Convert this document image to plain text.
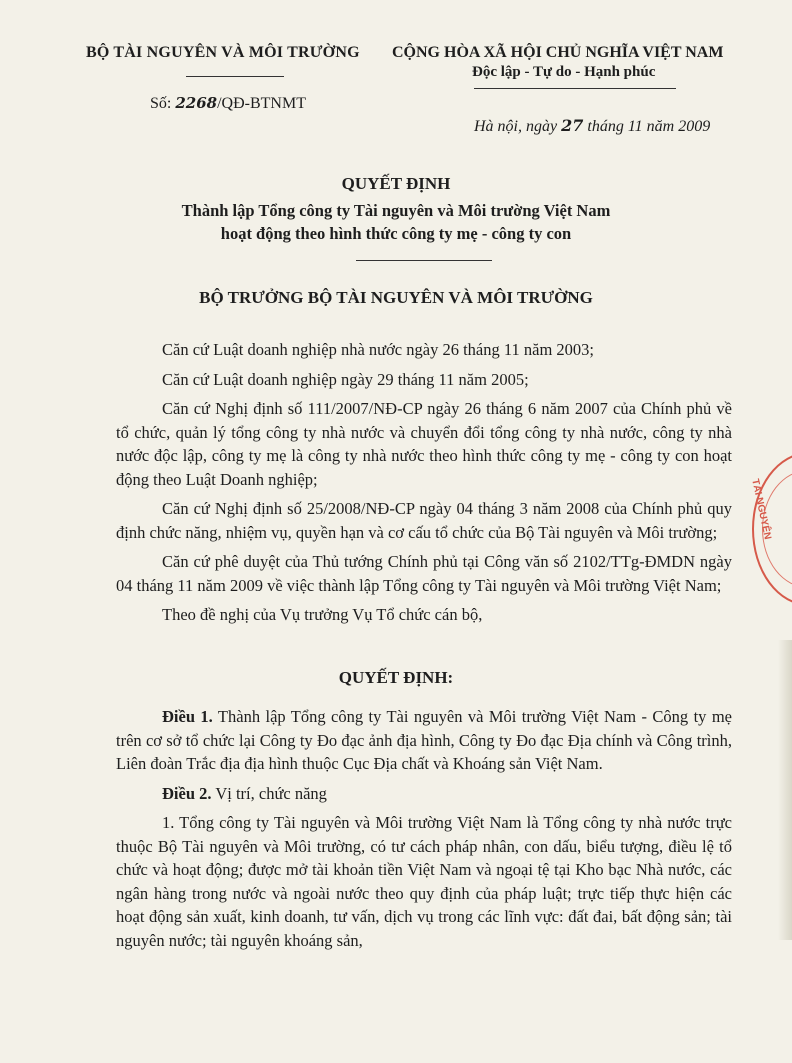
BỘ TÀI NGUYÊN VÀ MÔI TRƯỜNG	CỘNG HÒA XÃ HỘI CHỦ NGHĨA VIỆT NAM
Độc lập - Tự do - Hạnh phúc
Số: 2268/QĐ-BTNMT
Hà nội, ngày 27 tháng 11 năm 2009
QUYẾT ĐỊNH
Thành lập Tổng công ty Tài nguyên và Môi trường Việt Nam
hoạt động theo hình thức công ty mẹ - công ty con
BỘ TRƯỞNG BỘ TÀI NGUYÊN VÀ MÔI TRƯỜNG

Căn cứ Luật doanh nghiệp nhà nước ngày 26 tháng 11 năm 2003;

Căn cứ Luật doanh nghiệp ngày 29 tháng 11 năm 2005;

Căn cứ Nghị định số 111/2007/NĐ-CP ngày 26 tháng 6 năm 2007 của Chính phủ về tổ chức, quản lý tổng công ty nhà nước và chuyển đổi tổng công ty nhà nước, công ty nhà nước độc lập, công ty mẹ là công ty nhà nước theo hình thức công ty mẹ - công ty con hoạt động theo Luật Doanh nghiệp;

Căn cứ Nghị định số 25/2008/NĐ-CP ngày 04 tháng 3 năm 2008 của Chính phủ quy định chức năng, nhiệm vụ, quyền hạn và cơ cấu tổ chức của Bộ Tài nguyên và Môi trường;

Căn cứ phê duyệt của Thủ tướng Chính phủ tại Công văn số 2102/TTg-ĐMDN ngày 04 tháng 11 năm 2009 về việc thành lập Tổng công ty Tài nguyên và Môi trường Việt Nam;

Theo đề nghị của Vụ trưởng Vụ Tổ chức cán bộ,

QUYẾT ĐỊNH:

Điều 1. Thành lập Tổng công ty Tài nguyên và Môi trường Việt Nam - Công ty mẹ trên cơ sở tổ chức lại Công ty Đo đạc ảnh địa hình, Công ty Đo đạc Địa chính và Công trình, Liên đoàn Trắc địa địa hình thuộc Cục Địa chất và Khoáng sản Việt Nam.

Điều 2. Vị trí, chức năng

1. Tổng công ty Tài nguyên và Môi trường Việt Nam là Tổng công ty nhà nước trực thuộc Bộ Tài nguyên và Môi trường, có tư cách pháp nhân, con dấu, biểu tượng, điều lệ tổ chức và hoạt động; được mở tài khoản tiền Việt Nam và ngoại tệ tại Kho bạc Nhà nước, các ngân hàng trong nước và ngoài nước theo quy định của pháp luật; trực tiếp thực hiện các hoạt động sản xuất, kinh doanh, tư vấn, dịch vụ trong các lĩnh vực: đất đai, bất động sản; tài nguyên nước; tài nguyên khoáng sản,

TÀI NGUYÊN
